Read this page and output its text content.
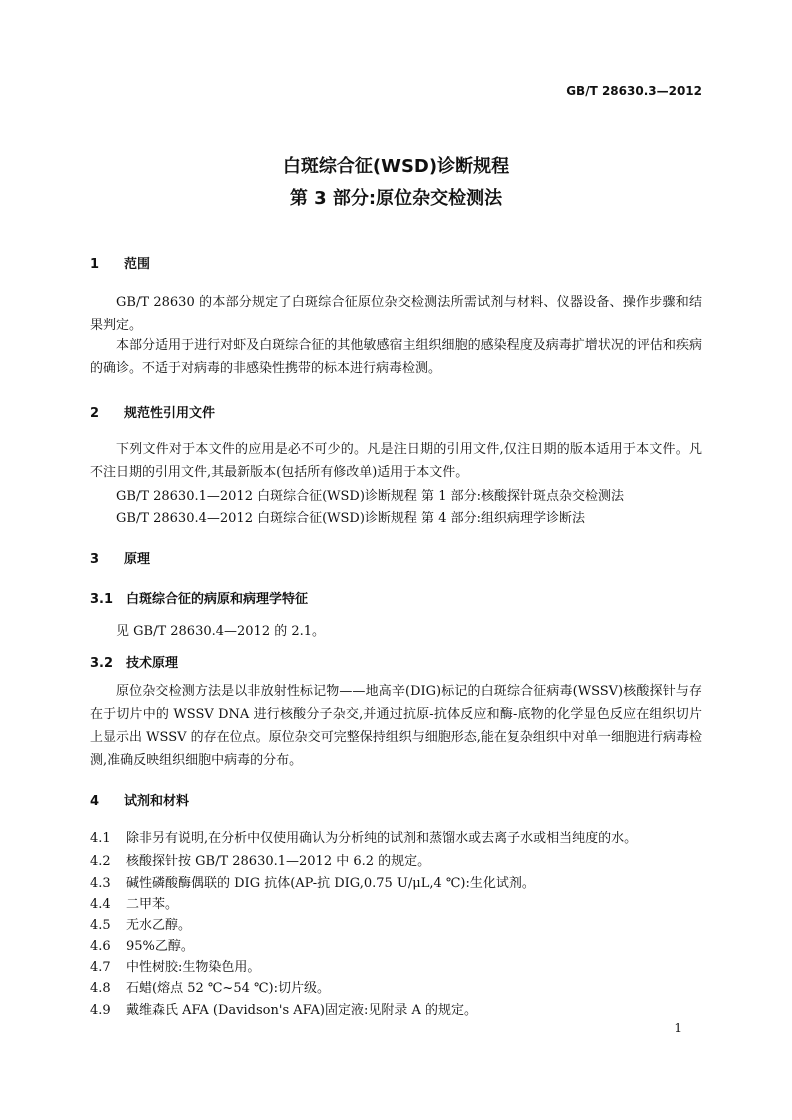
GB/T 28630.3—2012
白斑综合征(WSD)诊断规程
第 3 部分:原位杂交检测法
1 范围
GB/T 28630 的本部分规定了白斑综合征原位杂交检测法所需试剂与材料、仪器设备、操作步骤和结果判定。
本部分适用于进行对虾及白斑综合征的其他敏感宿主组织细胞的感染程度及病毒扩增状况的评估和疾病的确诊。不适于对病毒的非感染性携带的标本进行病毒检测。
2 规范性引用文件
下列文件对于本文件的应用是必不可少的。凡是注日期的引用文件,仅注日期的版本适用于本文件。凡不注日期的引用文件,其最新版本(包括所有修改单)适用于本文件。
GB/T 28630.1—2012 白斑综合征(WSD)诊断规程 第 1 部分:核酸探针斑点杂交检测法
GB/T 28630.4—2012 白斑综合征(WSD)诊断规程 第 4 部分:组织病理学诊断法
3 原理
3.1 白斑综合征的病原和病理学特征
见 GB/T 28630.4—2012 的 2.1。
3.2 技术原理
原位杂交检测方法是以非放射性标记物——地高辛(DIG)标记的白斑综合征病毒(WSSV)核酸探针与存在于切片中的 WSSV DNA 进行核酸分子杂交,并通过抗原-抗体反应和酶-底物的化学显色反应在组织切片上显示出 WSSV 的存在位点。原位杂交可完整保持组织与细胞形态,能在复杂组织中对单一细胞进行病毒检测,准确反映组织细胞中病毒的分布。
4 试剂和材料
4.1 除非另有说明,在分析中仅使用确认为分析纯的试剂和蒸馏水或去离子水或相当纯度的水。
4.2 核酸探针按 GB/T 28630.1—2012 中 6.2 的规定。
4.3 碱性磷酸酶偶联的 DIG 抗体(AP-抗 DIG,0.75 U/μL,4 ℃):生化试剂。
4.4 二甲苯。
4.5 无水乙醇。
4.6 95%乙醇。
4.7 中性树胶:生物染色用。
4.8 石蜡(熔点 52 ℃~54 ℃):切片级。
4.9 戴维森氏 AFA (Davidson's AFA)固定液:见附录 A 的规定。
1
